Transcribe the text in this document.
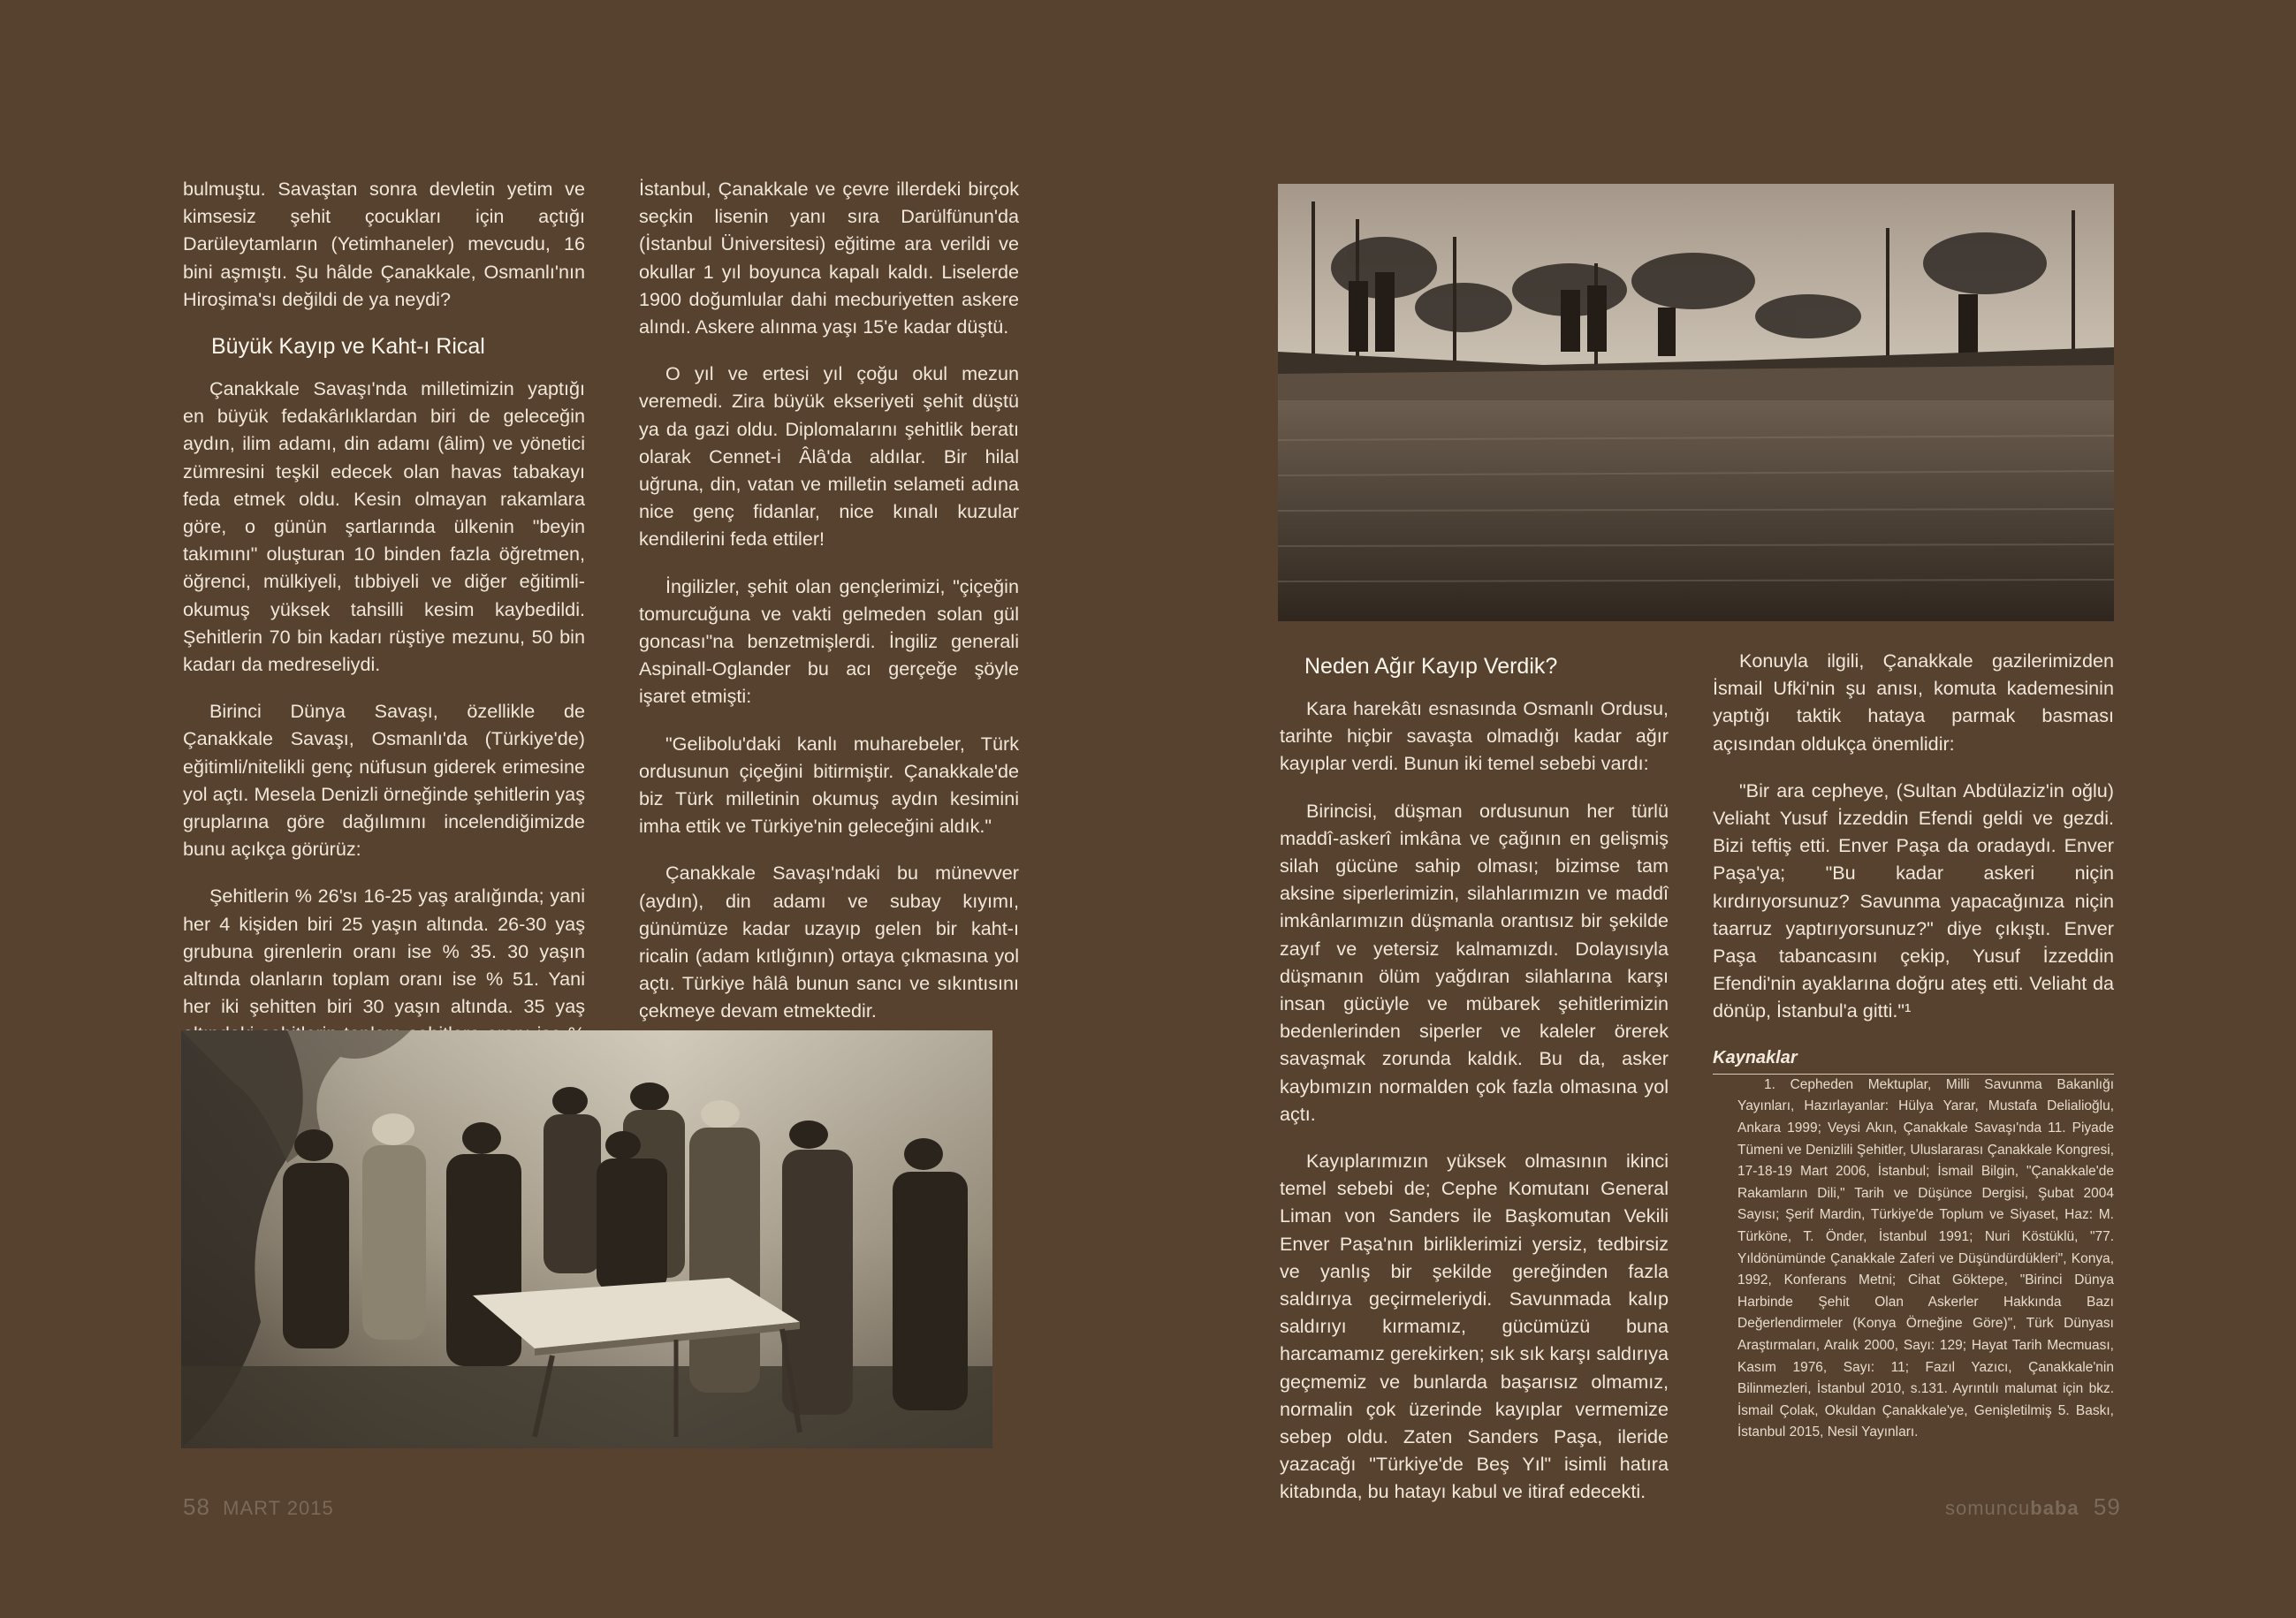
bulmuştu. Savaştan sonra devletin yetim ve kimsesiz şehit çocukları için açtığı Darüleytamların (Yetimhaneler) mevcudu, 16 bini aşmıştı. Şu hâlde Çanakkale, Osmanlı'nın Hiroşima'sı değildi de ya neydi?

Büyük Kayıp ve Kaht-ı Rical

Çanakkale Savaşı'nda milletimizin yaptığı en büyük fedakârlıklardan biri de geleceğin aydın, ilim adamı, din adamı (âlim) ve yönetici zümresini teşkil edecek olan havas tabakayı feda etmek oldu. Kesin olmayan rakamlara göre, o günün şartlarında ülkenin "beyin takımını" oluşturan 10 binden fazla öğretmen, öğrenci, mülkiyeli, tıbbiyeli ve diğer eğitimli-okumuş yüksek tahsilli kesim kaybedildi. Şehitlerin 70 bin kadarı rüştiye mezunu, 50 bin kadarı da medreseliydi.

Birinci Dünya Savaşı, özellikle de Çanakkale Savaşı, Osmanlı'da (Türkiye'de) eğitimli/nitelikli genç nüfusun giderek erimesine yol açtı. Mesela Denizli örneğinde şehitlerin yaş gruplarına göre dağılımını incelendiğimizde bunu açıkça görürüz:

Şehitlerin % 26'sı 16-25 yaş aralığında; yani her 4 kişiden biri 25 yaşın altında. 26-30 yaş grubuna girenlerin oranı ise % 35. 30 yaşın altında olanların toplam oranı ise % 51. Yani her iki şehitten biri 30 yaşın altında. 35 yaş

İstanbul, Çanakkale ve çevre illerdeki birçok seçkin lisenin yanı sıra Darülfünun'da (İstanbul Üniversitesi) eğitime ara verildi ve okullar 1 yıl boyunca kapalı kaldı. Liselerde 1900 doğumlular dahi mecburiyetten askere alındı. Askere alınma yaşı 15'e kadar düştü.

O yıl ve ertesi yıl çoğu okul mezun veremedi. Zira büyük ekseriyeti şehit düştü ya da gazi oldu. Diplomalarını şehitlik beratı olarak Cennet-i Âlâ'da aldılar. Bir hilal uğruna, din, vatan ve milletin selameti adına nice genç fidanlar, nice kınalı kuzular kendilerini feda ettiler!

İngilizler, şehit olan gençlerimizi, "çiçeğin tomurcuğuna ve vakti gelmeden solan gül goncası"na benzetmişlerdi. İngiliz generali Aspinall-Oglander bu acı gerçeğe şöyle işaret etmişti:

"Gelibolu'daki kanlı muharebeler, Türk ordusunun çiçeğini bitirmiştir. Çanakkale'de biz Türk milletinin okumuş aydın kesimini imha ettik ve Türkiye'nin geleceğini aldık."

Çanakkale Savaşı'ndaki bu münevver (aydın), din adamı ve subay kıyımı, günümüze kadar uzayıp gelen bir kaht-ı ricalin (adam kıtlığının) ortaya çıkmasına yol açtı. Türkiye hâlâ bunun sancı ve sıkıntısını çekmeye devam etmektedir.

58 MART 2015
Neden Ağır Kayıp Verdik?

Kara harekâtı esnasında Osmanlı Ordusu, tarihte hiçbir savaşta olmadığı kadar ağır kayıplar verdi. Bunun iki temel sebebi vardı:

Birincisi, düşman ordusunun her türlü maddî-askerî imkâna ve çağının en gelişmiş silah gücüne sahip olması; bizimse tam aksine siperlerimizin, silahlarımızın ve maddî imkânlarımızın düşmanla orantısız bir şekilde zayıf ve yetersiz kalmamızdı. Dolayısıyla düşmanın ölüm yağdıran silahlarına karşı insan gücüyle ve mübarek şehitlerimizin bedenlerinden siperler ve kaleler örerek savaşmak zorunda kaldık. Bu da, asker kaybımızın normalden çok fazla olmasına yol açtı.

Kayıplarımızın yüksek olmasının ikinci temel sebebi de; Cephe Komutanı General Liman von Sanders ile Başkomutan Vekili Enver Paşa'nın birliklerimizi yersiz, tedbirsiz ve yanlış bir şekilde gereğinden fazla saldırıya geçirmeleriydi. Savunmada kalıp saldırıyı kırmamız, gücümüzü buna harcamamız gerekirken; sık sık karşı saldırıya geçmemiz ve bunlarda başarısız olmamız, normalin çok üzerinde kayıplar vermemize sebep oldu. Zaten Sanders Paşa, ileride yazacağı "Türkiye'de Beş Yıl" isimli hatıra kitabında, bu hatayı kabul ve itiraf edecekti.

Konuyla ilgili, Çanakkale gazilerimizden İsmail Ufki'nin şu anısı, komuta kademesinin yaptığı taktik hataya parmak basması açısından oldukça önemlidir:

"Bir ara cepheye, (Sultan Abdülaziz'in oğlu) Veliaht Yusuf İzzeddin Efendi geldi ve gezdi. Bizi teftiş etti. Enver Paşa da oradaydı. Enver Paşa'ya; "Bu kadar askeri niçin kırdırıyorsunuz? Savunma yapacağınıza niçin taarruz yaptırıyorsunuz?" diye çıkıştı. Enver Paşa tabancasını çekip, Yusuf İzzeddin Efendi'nin ayaklarına doğru ateş etti. Veliaht da dönüp, İstanbul'a gitti."¹

Kaynaklar

1. Cepheden Mektuplar, Milli Savunma Bakanlığı Yayınları, Hazırlayanlar: Hülya Yarar, Mustafa Delialioğlu, Ankara 1999; Veysi Akın, Çanakkale Savaşı'nda 11. Piyade Tümeni ve Denizlili Şehitler, Uluslararası Çanakkale Kongresi, 17-18-19 Mart 2006, İstanbul; İsmail Bilgin, "Çanakkale'de Rakamların Dili," Tarih ve Düşünce Dergisi, Şubat 2004 Sayısı; Şerif Mardin, Türkiye'de Toplum ve Siyaset, Haz: M. Türköne, T. Önder, İstanbul 1991; Nuri Köstüklü, "77. Yıldönümünde Çanakkale Zaferi ve Düşündürdükleri", Konya, 1992, Konferans Metni; Cihat Göktepe, "Birinci Dünya Harbinde Şehit Olan Askerler Hakkında Bazı Değerlendirmeler (Konya Örneğine Göre)", Türk Dünyası Araştırmaları, Aralık 2000, Sayı: 129; Hayat Tarih Mecmuası, Kasım 1976, Sayı: 11; Fazıl Yazıcı, Çanakkale'nin Bilinmezleri, İstanbul 2010, s.131. Ayrıntılı malumat için bkz. İsmail Çolak, Okuldan Çanakkale'ye, Genişletilmiş 5. Baskı, İstanbul 2015, Nesil Yayınları.

somuncubaba 59
